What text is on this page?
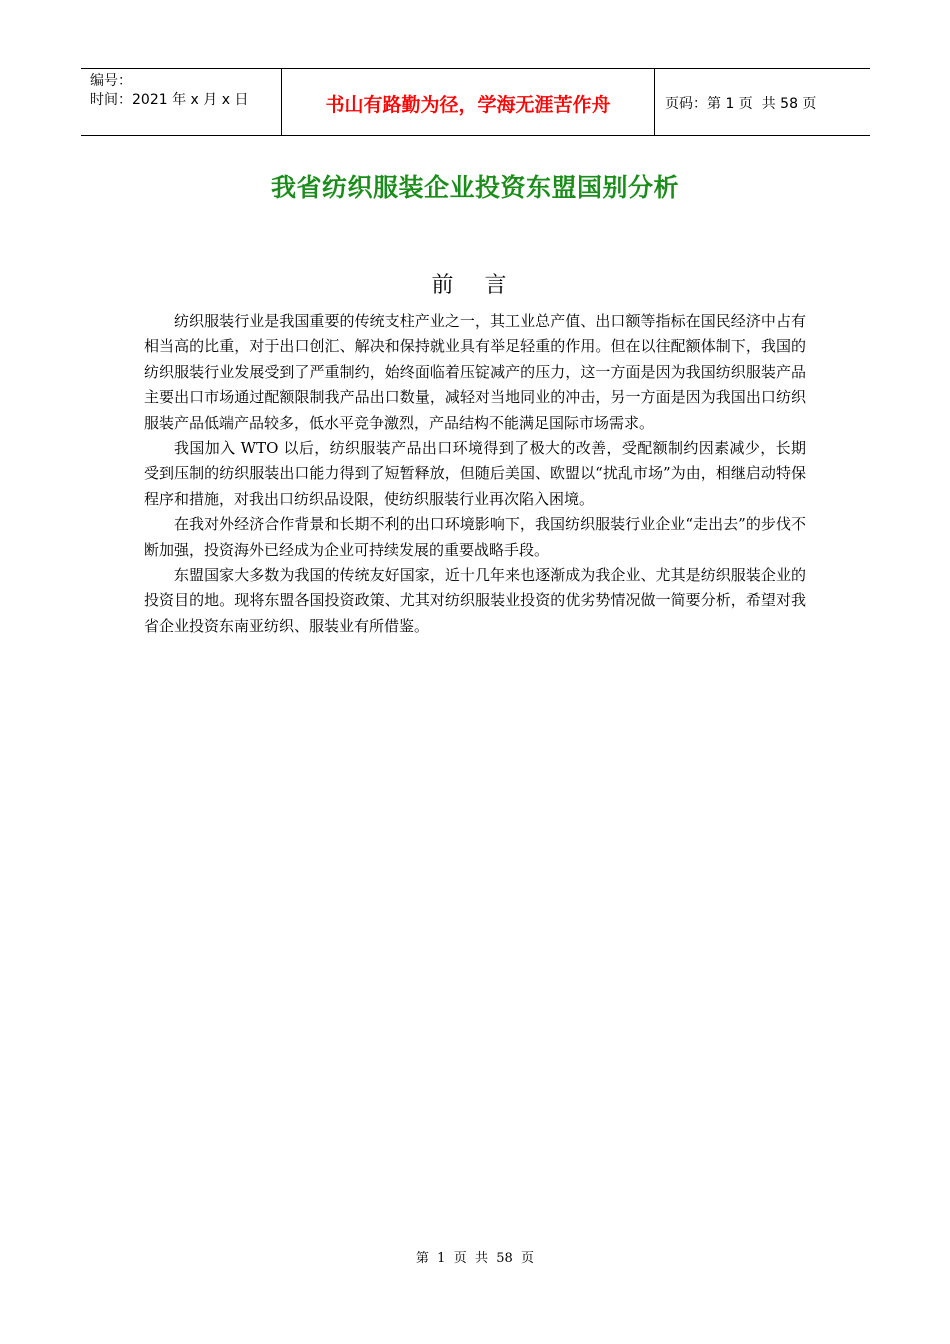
编号：
时间：2021 年 x 月 x 日	书山有路勤为径，学海无涯苦作舟	页码：第 1 页  共 58 页
我省纺织服装企业投资东盟国别分析
前 言

纺织服装行业是我国重要的传统支柱产业之一，其工业总产值、出口额等指标在国民经济中占有相当高的比重，对于出口创汇、解决和保持就业具有举足轻重的作用。但在以往配额体制下，我国的纺织服装行业发展受到了严重制约，始终面临着压锭减产的压力，这一方面是因为我国纺织服装产品主要出口市场通过配额限制我产品出口数量，减轻对当地同业的冲击，另一方面是因为我国出口纺织服装产品低端产品较多，低水平竞争激烈，产品结构不能满足国际市场需求。

我国加入 WTO 以后，纺织服装产品出口环境得到了极大的改善，受配额制约因素减少，长期受到压制的纺织服装出口能力得到了短暂释放，但随后美国、欧盟以“扰乱市场”为由，相继启动特保程序和措施，对我出口纺织品设限，使纺织服装行业再次陷入困境。

在我对外经济合作背景和长期不利的出口环境影响下，我国纺织服装行业企业“走出去”的步伐不断加强，投资海外已经成为企业可持续发展的重要战略手段。

东盟国家大多数为我国的传统友好国家，近十几年来也逐渐成为我企业、尤其是纺织服装企业的投资目的地。现将东盟各国投资政策、尤其对纺织服装业投资的优劣势情况做一简要分析，希望对我省企业投资东南亚纺织、服装业有所借鉴。

第  1  页  共  58  页
